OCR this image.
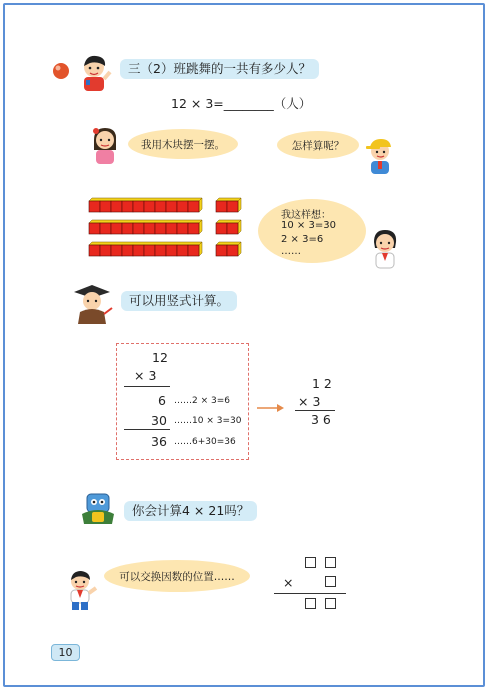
三（2）班跳舞的一共有多少人？
12 × 3=________（人）
我用木块摆一摆。	怎样算呢？
我这样想：
10 × 3=30
2 × 3=6
……
可以用竖式计算。
12
× 3
6 ……2 × 3=6
30 ……10 × 3=30
36 ……6+30=36
1 2
× 3
3 6
你会计算4 × 21吗？
可以交换因数的位置……	×
10
